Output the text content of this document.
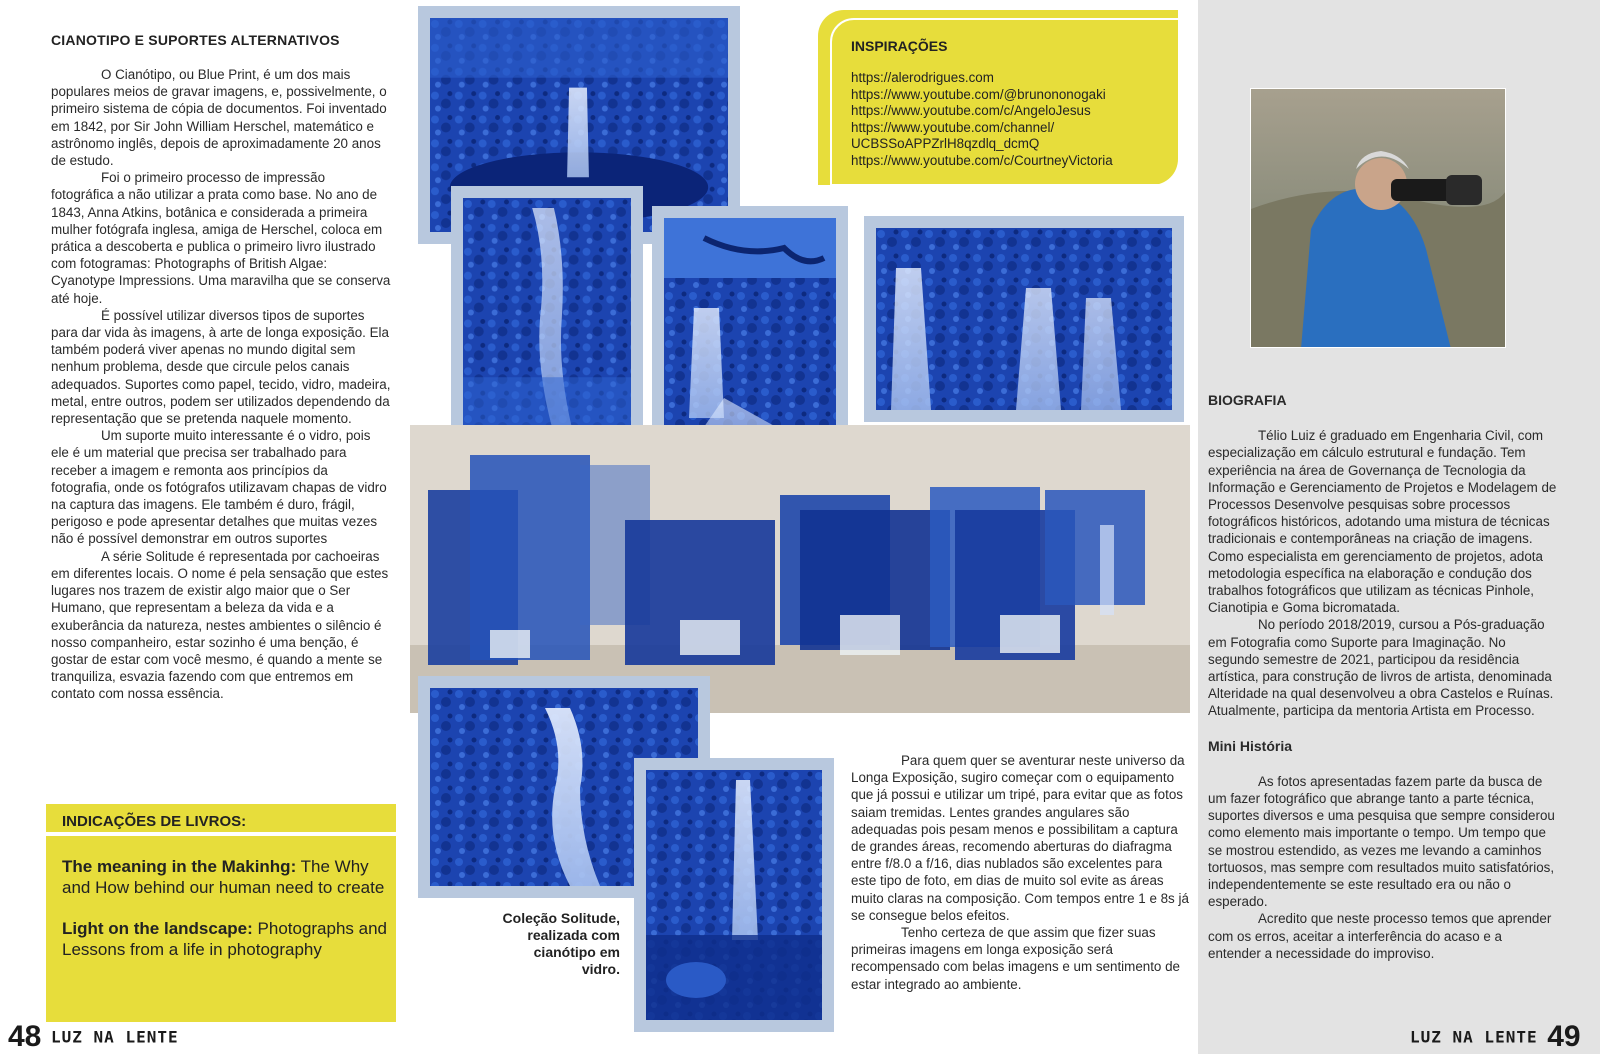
CIANOTIPO E SUPORTES ALTERNATIVOS

O Cianótipo, ou Blue Print, é um dos mais populares meios de gravar imagens, e, possivelmente, o primeiro sistema de cópia de documentos. Foi inventado em 1842, por Sir John William Herschel, matemático e astrônomo inglês, depois de aproximadamente 20 anos de estudo.

Foi o primeiro processo de impressão fotográfica a não utilizar a prata como base. No ano de 1843, Anna Atkins, botânica e considerada a primeira mulher fotógrafa inglesa, amiga de Herschel, coloca em prática a descoberta e publica o primeiro livro ilustrado com fotogramas: Photographs of British Algae: Cyanotype Impressions. Uma maravilha que se conserva até hoje.

É possível utilizar diversos tipos de suportes para dar vida às imagens, à arte de longa exposição. Ela também poderá viver apenas no mundo digital sem nenhum problema, desde que circule pelos canais adequados. Suportes como papel, tecido, vidro, madeira, metal, entre outros, podem ser utilizados dependendo da representação que se pretenda naquele momento.

Um suporte muito interessante é o vidro, pois ele é um material que precisa ser trabalhado para receber a imagem e remonta aos princípios da fotografia, onde os fotógrafos utilizavam chapas de vidro na captura das imagens. Ele também é duro, frágil, perigoso e pode apresentar detalhes que muitas vezes não é possível demonstrar em outros suportes

A série Solitude é representada por cachoeiras em diferentes locais. O nome é pela sensação que estes lugares nos trazem de existir algo maior que o Ser Humano, que representam a beleza da vida e a exuberância da natureza, nestes ambientes o silêncio é nosso companheiro, estar sozinho é uma benção, é gostar de estar com você mesmo, é quando a mente se tranquiliza, esvazia fazendo com que entremos em contato com nossa essência.

INDICAÇÕES DE LIVROS:

The meaning in the Makinhg: The Why and How behind our human need to create

Light on the landscape: Photographs and Lessons from a life in photography

48 LUZ NA LENTE
Coleção Solitude,
realizada com
cianótipo em
vidro.
INSPIRAÇÕES
https://alerodrigues.com
https://www.youtube.com/@brunononogaki
https://www.youtube.com/c/AngeloJesus
https://www.youtube.com/channel/
UCBSSoAPPZrlH8qzdlq_dcmQ
https://www.youtube.com/c/CourtneyVictoria

Para quem quer se aventurar neste universo da Longa Exposição, sugiro começar com o equipamento que já possui e utilizar um tripé, para evitar que as fotos saiam tremidas. Lentes grandes angulares são adequadas pois pesam menos e possibilitam a captura de grandes áreas, recomendo aberturas do diafragma entre f/8.0 a f/16, dias nublados são excelentes para este tipo de foto, em dias de muito sol evite as áreas muito claras na composição. Com tempos entre 1 e 8s já se consegue belos efeitos.

Tenho certeza de que assim que fizer suas primeiras imagens em longa exposição será recompensado com belas imagens e um sentimento de estar integrado ao ambiente.

BIOGRAFIA

Télio Luiz é graduado em Engenharia Civil, com especialização em cálculo estrutural e fundação. Tem experiência na área de Governança de Tecnologia da Informação e Gerenciamento de Projetos e Modelagem de Processos Desenvolve pesquisas sobre processos fotográficos históricos, adotando uma mistura de técnicas tradicionais e contemporâneas na criação de imagens.

Como especialista em gerenciamento de projetos, adota metodologia específica na elaboração e condução dos trabalhos fotográficos que utilizam as técnicas Pinhole, Cianotipia e Goma bicromatada.

No período 2018/2019, cursou a Pós-graduação em Fotografia como Suporte para Imaginação. No segundo semestre de 2021, participou da residência artística, para construção de livros de artista, denominada Alteridade na qual desenvolveu a obra Castelos e Ruínas. Atualmente, participa da mentoria Artista em Processo.

Mini História

As fotos apresentadas fazem parte da busca de um fazer fotográfico que abrange tanto a parte técnica, suportes diversos e uma pesquisa que sempre considerou como elemento mais importante o tempo. Um tempo que se mostrou estendido, as vezes me levando a caminhos tortuosos, mas sempre com resultados muito satisfatórios, independentemente se este resultado era ou não o esperado.

Acredito que neste processo temos que aprender com os erros, aceitar a interferência do acaso e a entender a necessidade do improviso.

LUZ NA LENTE 49
